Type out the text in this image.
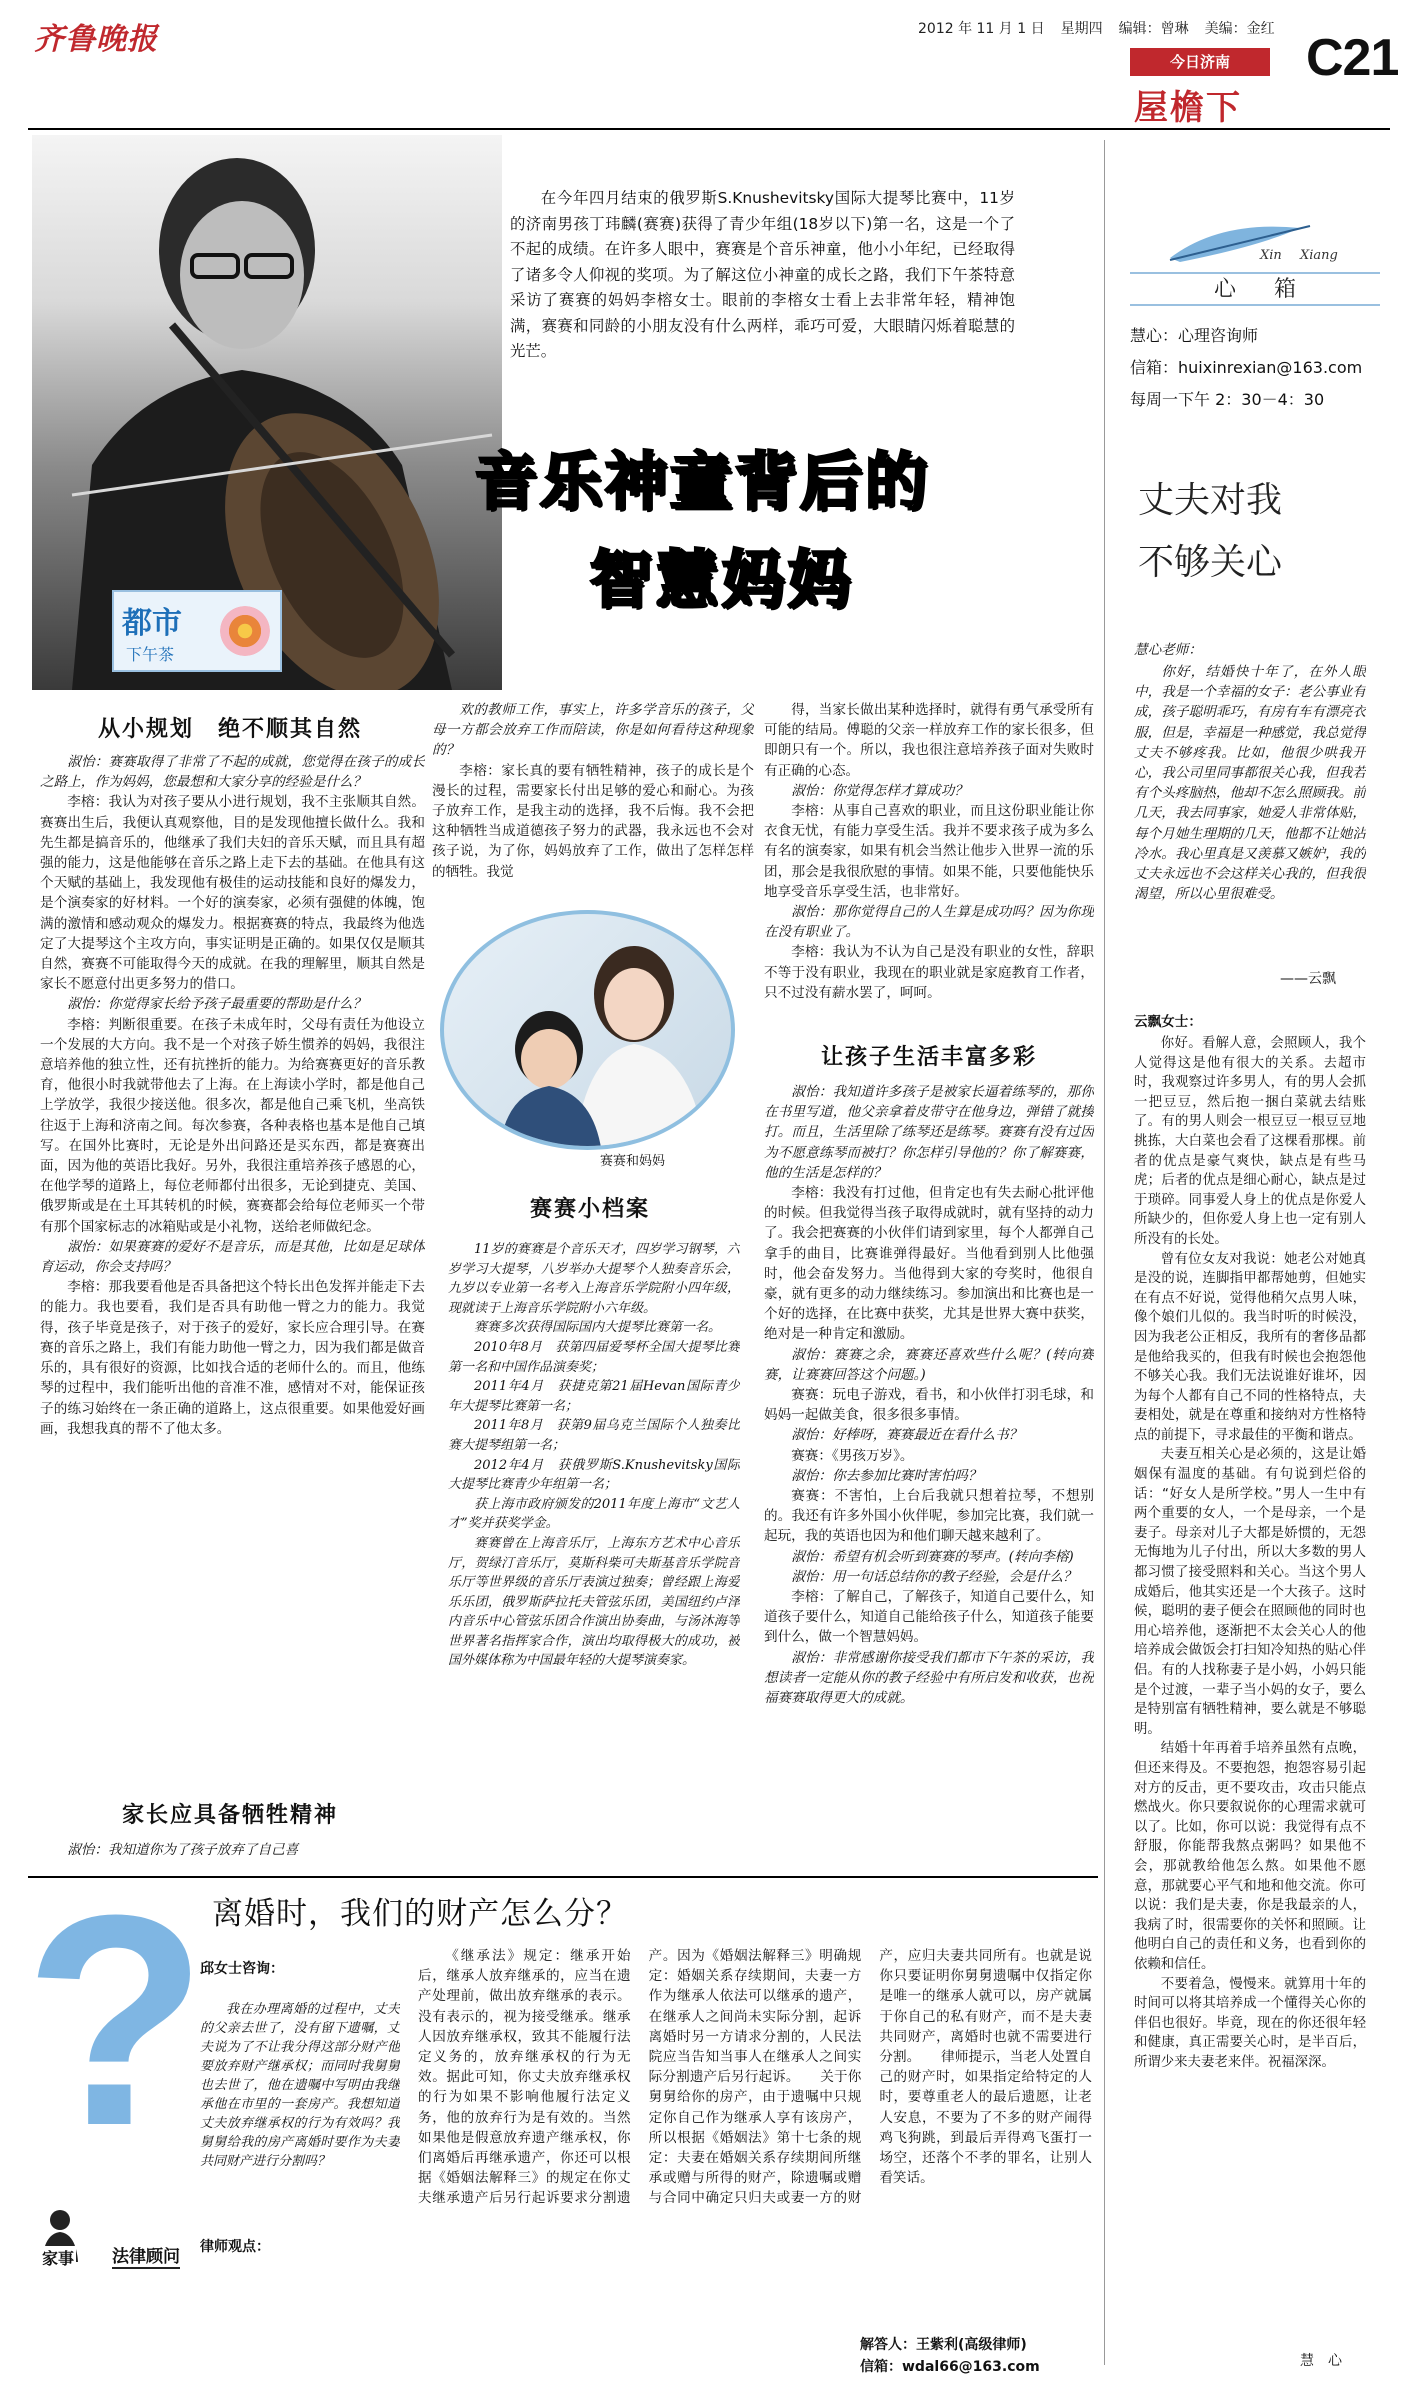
齐鲁晚报	2012 年 11 月 1 日 星期四 编辑：曾琳 美编：金红
今日济南
屋檐下
C21
都市
下午茶

在今年四月结束的俄罗斯S.Knushevitsky国际大提琴比赛中，11岁的济南男孩丁玮麟(赛赛)获得了青少年组(18岁以下)第一名，这是一个了不起的成绩。在许多人眼中，赛赛是个音乐神童，他小小年纪，已经取得了诸多令人仰视的奖项。为了解这位小神童的成长之路，我们下午茶特意采访了赛赛的妈妈李榕女士。眼前的李榕女士看上去非常年轻，精神饱满，赛赛和同龄的小朋友没有什么两样，乖巧可爱，大眼睛闪烁着聪慧的光芒。

音乐神童背后的
智慧妈妈
从小规划　绝不顺其自然

淑怡：赛赛取得了非常了不起的成就，您觉得在孩子的成长之路上，作为妈妈，您最想和大家分享的经验是什么？

李榕：我认为对孩子要从小进行规划，我不主张顺其自然。赛赛出生后，我便认真观察他，目的是发现他擅长做什么。我和先生都是搞音乐的，他继承了我们夫妇的音乐天赋，而且具有超强的能力，这是他能够在音乐之路上走下去的基础。在他具有这个天赋的基础上，我发现他有极佳的运动技能和良好的爆发力，是个演奏家的好材料。一个好的演奏家，必须有强健的体魄，饱满的激情和感动观众的爆发力。根据赛赛的特点，我最终为他选定了大提琴这个主攻方向，事实证明是正确的。如果仅仅是顺其自然，赛赛不可能取得今天的成就。在我的理解里，顺其自然是家长不愿意付出更多努力的借口。

淑怡：你觉得家长给予孩子最重要的帮助是什么？

李榕：判断很重要。在孩子未成年时，父母有责任为他设立一个发展的大方向。我不是一个对孩子娇生惯养的妈妈，我很注意培养他的独立性，还有抗挫折的能力。为给赛赛更好的音乐教育，他很小时我就带他去了上海。在上海读小学时，都是他自己上学放学，我很少接送他。很多次，都是他自己乘飞机，坐高铁往返于上海和济南之间。每次参赛，各种表格也基本是他自己填写。在国外比赛时，无论是外出问路还是买东西，都是赛赛出面，因为他的英语比我好。另外，我很注重培养孩子感恩的心，在他学琴的道路上，每位老师都付出很多，无论到捷克、美国、俄罗斯或是在土耳其转机的时候，赛赛都会给每位老师买一个带有那个国家标志的冰箱贴或是小礼物，送给老师做纪念。

淑怡：如果赛赛的爱好不是音乐，而是其他，比如是足球体育运动，你会支持吗？

李榕：那我要看他是否具备把这个特长出色发挥并能走下去的能力。我也要看，我们是否具有助他一臂之力的能力。我觉得，孩子毕竟是孩子，对于孩子的爱好，家长应合理引导。在赛赛的音乐之路上，我们有能力助他一臂之力，因为我们都是做音乐的，具有很好的资源，比如找合适的老师什么的。而且，他练琴的过程中，我们能听出他的音准不准，感情对不对，能保证孩子的练习始终在一条正确的道路上，这点很重要。如果他爱好画画，我想我真的帮不了他太多。

家长应具备牺牲精神

淑怡：我知道你为了孩子放弃了自己喜

欢的教师工作，事实上，许多学音乐的孩子，父母一方都会放弃工作而陪读，你是如何看待这种现象的？

李榕：家长真的要有牺牲精神，孩子的成长是个漫长的过程，需要家长付出足够的爱心和耐心。为孩子放弃工作，是我主动的选择，我不后悔。我不会把这种牺牲当成道德孩子努力的武器，我永远也不会对孩子说，为了你，妈妈放弃了工作，做出了怎样怎样的牺牲。我觉

赛赛和妈妈
赛赛小档案

11岁的赛赛是个音乐天才，四岁学习钢琴，六岁学习大提琴，八岁举办大提琴个人独奏音乐会，九岁以专业第一名考入上海音乐学院附小四年级，现就读于上海音乐学院附小六年级。

赛赛多次获得国际国内大提琴比赛第一名。

2010年8月　获第四届爱琴杯全国大提琴比赛第一名和中国作品演奏奖；

2011年4月　获捷克第21届Hevan国际青少年大提琴比赛第一名；

2011年8月　获第9届乌克兰国际个人独奏比赛大提琴组第一名；

2012年4月　获俄罗斯S.Knushevitsky国际大提琴比赛青少年组第一名；

获上海市政府颁发的2011年度上海市“文艺人才”奖并获奖学金。

赛赛曾在上海音乐厅，上海东方艺术中心音乐厅，贺绿汀音乐厅，莫斯科柴可夫斯基音乐学院音乐厅等世界级的音乐厅表演过独奏；曾经跟上海爱乐乐团，俄罗斯萨拉托夫管弦乐团，美国纽约卢泽内音乐中心管弦乐团合作演出协奏曲，与汤沐海等世界著名指挥家合作，演出均取得极大的成功，被国外媒体称为中国最年轻的大提琴演奏家。

得，当家长做出某种选择时，就得有勇气承受所有可能的结局。傅聪的父亲一样放弃工作的家长很多，但即朗只有一个。所以，我也很注意培养孩子面对失败时有正确的心态。

淑怡：你觉得怎样才算成功？

李榕：从事自己喜欢的职业，而且这份职业能让你衣食无忧，有能力享受生活。我并不要求孩子成为多么有名的演奏家，如果有机会当然让他步入世界一流的乐团，那会是我很欣慰的事情。如果不能，只要他能快乐地享受音乐享受生活，也非常好。

淑怡：那你觉得自己的人生算是成功吗？因为你现在没有职业了。

李榕：我认为不认为自己是没有职业的女性，辞职不等于没有职业，我现在的职业就是家庭教育工作者，只不过没有薪水罢了，呵呵。

让孩子生活丰富多彩

淑怡：我知道许多孩子是被家长逼着练琴的，那你在书里写道，他父亲拿着皮带守在他身边，弹错了就揍打。而且，生活里除了练琴还是练琴。赛赛有没有过因为不愿意练琴而被打？你怎样引导他的？你了解赛赛，他的生活是怎样的？

李榕：我没有打过他，但肯定也有失去耐心批评他的时候。但我觉得当孩子取得成就时，就有坚持的动力了。我会把赛赛的小伙伴们请到家里，每个人都弹自己拿手的曲目，比赛谁弹得最好。当他看到别人比他强时，他会奋发努力。当他得到大家的夸奖时，他很自豪，就有更多的动力继续练习。参加演出和比赛也是一个好的选择，在比赛中获奖，尤其是世界大赛中获奖，绝对是一种肯定和激励。

淑怡：赛赛之余，赛赛还喜欢些什么呢？(转向赛赛，让赛赛回答这个问题。)

赛赛：玩电子游戏，看书，和小伙伴打羽毛球，和妈妈一起做美食，很多很多事情。

淑怡：好棒呀，赛赛最近在看什么书？

赛赛：《男孩万岁》。

淑怡：你去参加比赛时害怕吗？

赛赛：不害怕，上台后我就只想着拉琴，不想别的。我还有许多外国小伙伴呢，参加完比赛，我们就一起玩，我的英语也因为和他们聊天越来越利了。

淑怡：希望有机会听到赛赛的琴声。(转向李榕)

淑怡：用一句话总结你的教子经验，会是什么？

李榕：了解自己，了解孩子，知道自己要什么，知道孩子要什么，知道自己能给孩子什么，知道孩子能要到什么，做一个智慧妈妈。

淑怡：非常感谢你接受我们都市下午茶的采访，我想读者一定能从你的教子经验中有所启发和收获，也祝福赛赛取得更大的成就。

Xin Xiang
心 箱
慧心：心理咨询师
信箱：huixinrexian@163.com
每周一下午 2：30－4：30
丈夫对我
不够关心
慧心老师：

你好，结婚快十年了，在外人眼中，我是一个幸福的女子：老公事业有成，孩子聪明乖巧，有房有车有漂亮衣服，但是，幸福是一种感觉，我总觉得丈夫不够疼我。比如，他很少哄我开心，我公司里同事都很关心我，但我若有个头疼脑热，他却不怎么照顾我。前几天，我去同事家，她爱人非常体贴，每个月她生理期的几天，他都不让她沾冷水。我心里真是又羡慕又嫉妒，我的丈夫永远也不会这样关心我的，但我很渴望，所以心里很难受。

——云飘
云飘女士：

你好。看解人意，会照顾人，我个人觉得这是他有很大的关系。去超市时，我观察过许多男人，有的男人会抓一把豆豆，然后抱一捆白菜就去结账了。有的男人则会一根豆豆一根豆豆地挑拣，大白菜也会看了这棵看那棵。前者的优点是豪气爽快，缺点是有些马虎；后者的优点是细心耐心，缺点是过于琐碎。同事爱人身上的优点是你爱人所缺少的，但你爱人身上也一定有别人所没有的长处。

曾有位女友对我说：她老公对她真是没的说，连脚指甲都帮她剪，但她实在有点不好说，觉得他稍欠点男人味，像个娘们儿似的。我当时听的时候没，因为我老公正相反，我所有的奢侈品都是他给我买的，但我有时候也会抱怨他不够关心我。我们无法说谁好谁坏，因为每个人都有自己不同的性格特点，夫妻相处，就是在尊重和接纳对方性格特点的前提下，寻求最佳的平衡和谐点。

夫妻互相关心是必须的，这是让婚姻保有温度的基础。有句说到烂俗的话：“好女人是所学校。”男人一生中有两个重要的女人，一个是母亲，一个是妻子。母亲对儿子大都是娇惯的，无怨无悔地为儿子付出，所以大多数的男人都习惯了接受照料和关心。当这个男人成婚后，他其实还是一个大孩子。这时候，聪明的妻子便会在照顾他的同时也用心培养他，逐渐把不太会关心人的他培养成会做饭会打扫知冷知热的贴心伴侣。有的人找称妻子是小妈，小妈只能是个过渡，一辈子当小妈的女子，要么是特别富有牺牲精神，要么就是不够聪明。

结婚十年再着手培养虽然有点晚，但还来得及。不要抱怨，抱怨容易引起对方的反击，更不要攻击，攻击只能点燃战火。你只要叙说你的心理需求就可以了。比如，你可以说：我觉得有点不舒服，你能帮我熬点粥吗？如果他不会，那就教给他怎么熬。如果他不愿意，那就要心平气和地和他交流。你可以说：我们是夫妻，你是我最亲的人，我病了时，很需要你的关怀和照顾。让他明白自己的责任和义务，也看到你的依赖和信任。

不要着急，慢慢来。就算用十年的时间可以将其培养成一个懂得关心你的伴侣也很好。毕竟，现在的你还很年轻和健康，真正需要关心时，是半百后，所谓少来夫妻老来伴。祝福深深。

慧　心
? 离婚时，我们的财产怎么分？
家事 法律顾问
邱女士咨询：

我在办理离婚的过程中，丈夫的父亲去世了，没有留下遗嘱，丈夫说为了不让我分得这部分财产他要放弃财产继承权；而同时我舅舅也去世了，他在遗嘱中写明由我继承他在市里的一套房产。我想知道丈夫放弃继承权的行为有效吗？我舅舅给我的房产离婚时要作为夫妻共同财产进行分割吗？

律师观点：

《继承法》规定：继承开始后，继承人放弃继承的，应当在遗产处理前，做出放弃继承的表示。没有表示的，视为接受继承。继承人因放弃继承权，致其不能履行法定义务的，放弃继承权的行为无效。据此可知，你丈夫放弃继承权的行为如果不影响他履行法定义务，他的放弃行为是有效的。当然如果他是假意放弃遗产继承权，你们离婚后再继承遗产，你还可以根据《婚姻法解释三》的规定在你丈夫继承遗产后另行起诉要求分割遗产。因为《婚姻法解释三》明确规定：婚姻关系存续期间，夫妻一方作为继承人依法可以继承的遗产，在继承人之间尚未实际分割，起诉离婚时另一方请求分割的，人民法院应当告知当事人在继承人之间实际分割遗产后另行起诉。　　关于你舅舅给你的房产，由于遗嘱中只规定你自己作为继承人享有该房产，所以根据《婚姻法》第十七条的规定：夫妻在婚姻关系存续期间所继承或赠与所得的财产，除遗嘱或赠与合同中确定只归夫或妻一方的财产，应归夫妻共同所有。也就是说你只要证明你舅舅遗嘱中仅指定你是唯一的继承人就可以，房产就属于你自己的私有财产，而不是夫妻共同财产，离婚时也就不需要进行分割。　　律师提示，当老人处置自己的财产时，如果指定给特定的人时，要尊重老人的最后遗愿，让老人安息，不要为了不多的财产闹得鸡飞狗跳，到最后弄得鸡飞蛋打一场空，还落个不孝的罪名，让别人看笑话。

解答人：王紫利(高级律师)
信箱：wdal66@163.com
